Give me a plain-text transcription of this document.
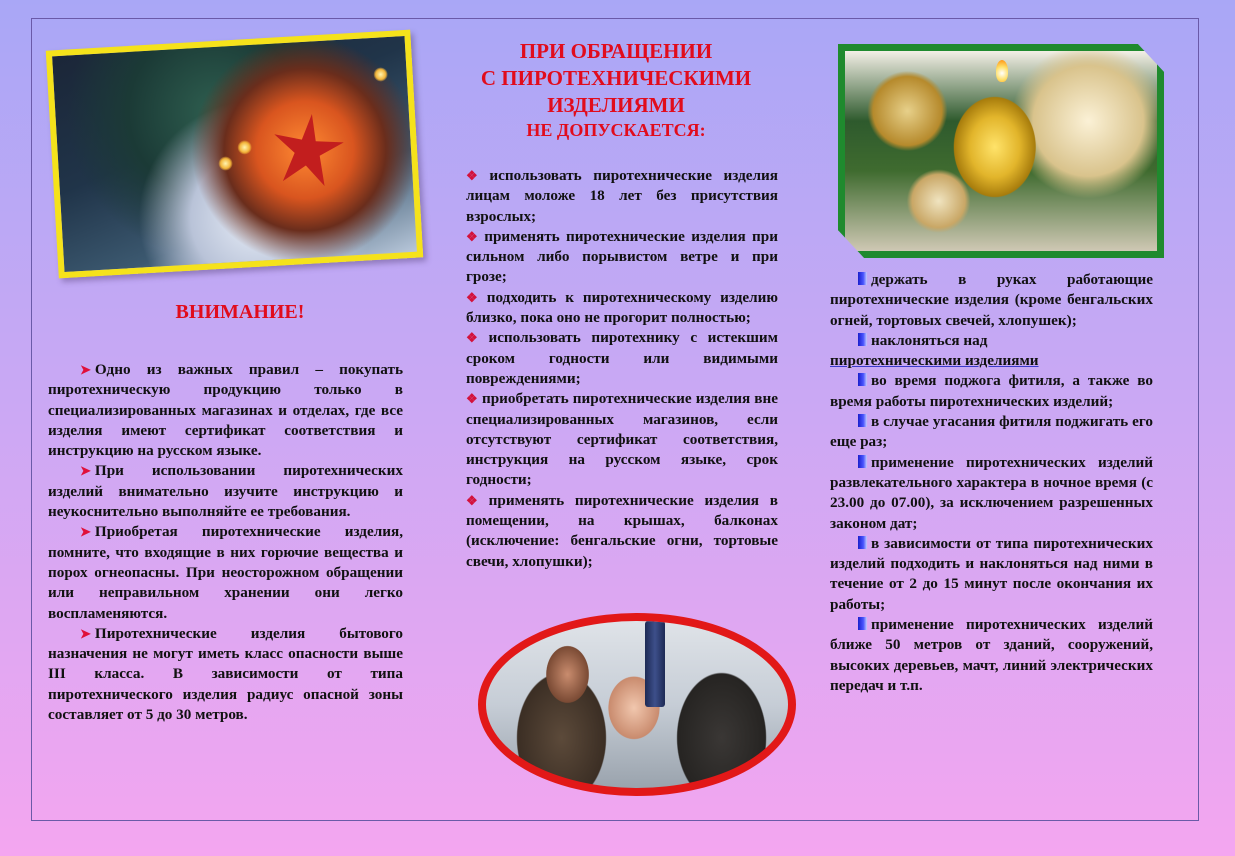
ВНИМАНИЕ!

➤ Одно из важных правил – покупать пиротехническую продукцию только в специализированных магазинах и отделах, где все изделия имеют сертификат соответствия и инструкцию на русском языке.

➤ При использовании пиротехнических изделий внимательно изучите инструкцию и неукоснительно выполняйте ее требования.

➤ Приобретая пиротехнические изделия, помните, что входящие в них горючие вещества и порох огнеопасны. При неосторожном обращении или неправильном хранении они легко воспламеняются.

➤ Пиротехнические изделия бытового назначения не могут иметь класс опасности выше III класса. В зависимости от типа пиротехнического изделия радиус опасной зоны составляет от 5 до 30 метров.

ПРИ ОБРАЩЕНИИ
С ПИРОТЕХНИЧЕСКИМИ
ИЗДЕЛИЯМИ
НЕ ДОПУСКАЕТСЯ:

❖ использовать пиротехнические изделия лицам моложе 18 лет без присутствия взрослых;

❖ применять пиротехнические изделия при сильном либо порывистом ветре и при грозе;

❖ подходить к пиротехническому изделию близко, пока оно не прогорит полностью;

❖ использовать пиротехнику с истекшим сроком годности или видимыми повреждениями;

❖ приобретать пиротехнические изделия вне специализированных магазинов, если отсутствуют сертификат соответствия, инструкция на русском языке, срок годности;

❖ применять пиротехнические изделия в помещении, на крышах, балконах (исключение: бенгальские огни, тортовые свечи, хлопушки);

держать в руках работающие пиротехнические изделия (кроме бенгальских огней, тортовых свечей, хлопушек);

наклоняться над

пиротехническими изделиями

во время поджога фитиля, а также во время работы пиротехнических изделий;

в случае угасания фитиля поджигать его еще раз;

применение пиротехнических изделий развлекательного характера в ночное время (с 23.00 до 07.00), за исключением разрешенных законом дат;

в зависимости от типа пиротехнических изделий подходить и наклоняться над ними в течение от 2 до 15 минут после окончания их работы;

применение пиротехнических изделий ближе 50 метров от зданий, сооружений, высоких деревьев, мачт, линий электрических передач и т.п.
